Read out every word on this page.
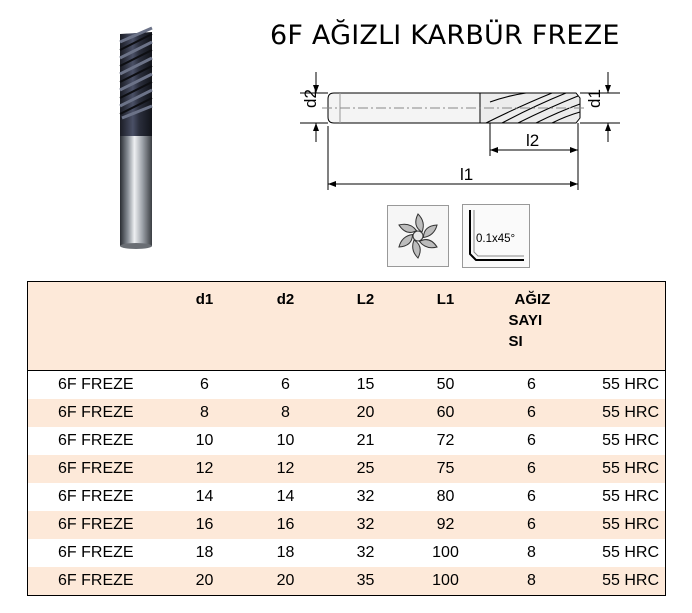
6F AĞIZLI KARBÜR FREZE
d2	d1
l2
l1
0.1x45°
	d1	d2	L2	L1	AĞIZ
SAYI
SI	
6F FREZE	6	6	15	50	6	55 HRC
6F FREZE	8	8	20	60	6	55 HRC
6F FREZE	10	10	21	72	6	55 HRC
6F FREZE	12	12	25	75	6	55 HRC
6F FREZE	14	14	32	80	6	55 HRC
6F FREZE	16	16	32	92	6	55 HRC
6F FREZE	18	18	32	100	8	55 HRC
6F FREZE	20	20	35	100	8	55 HRC
